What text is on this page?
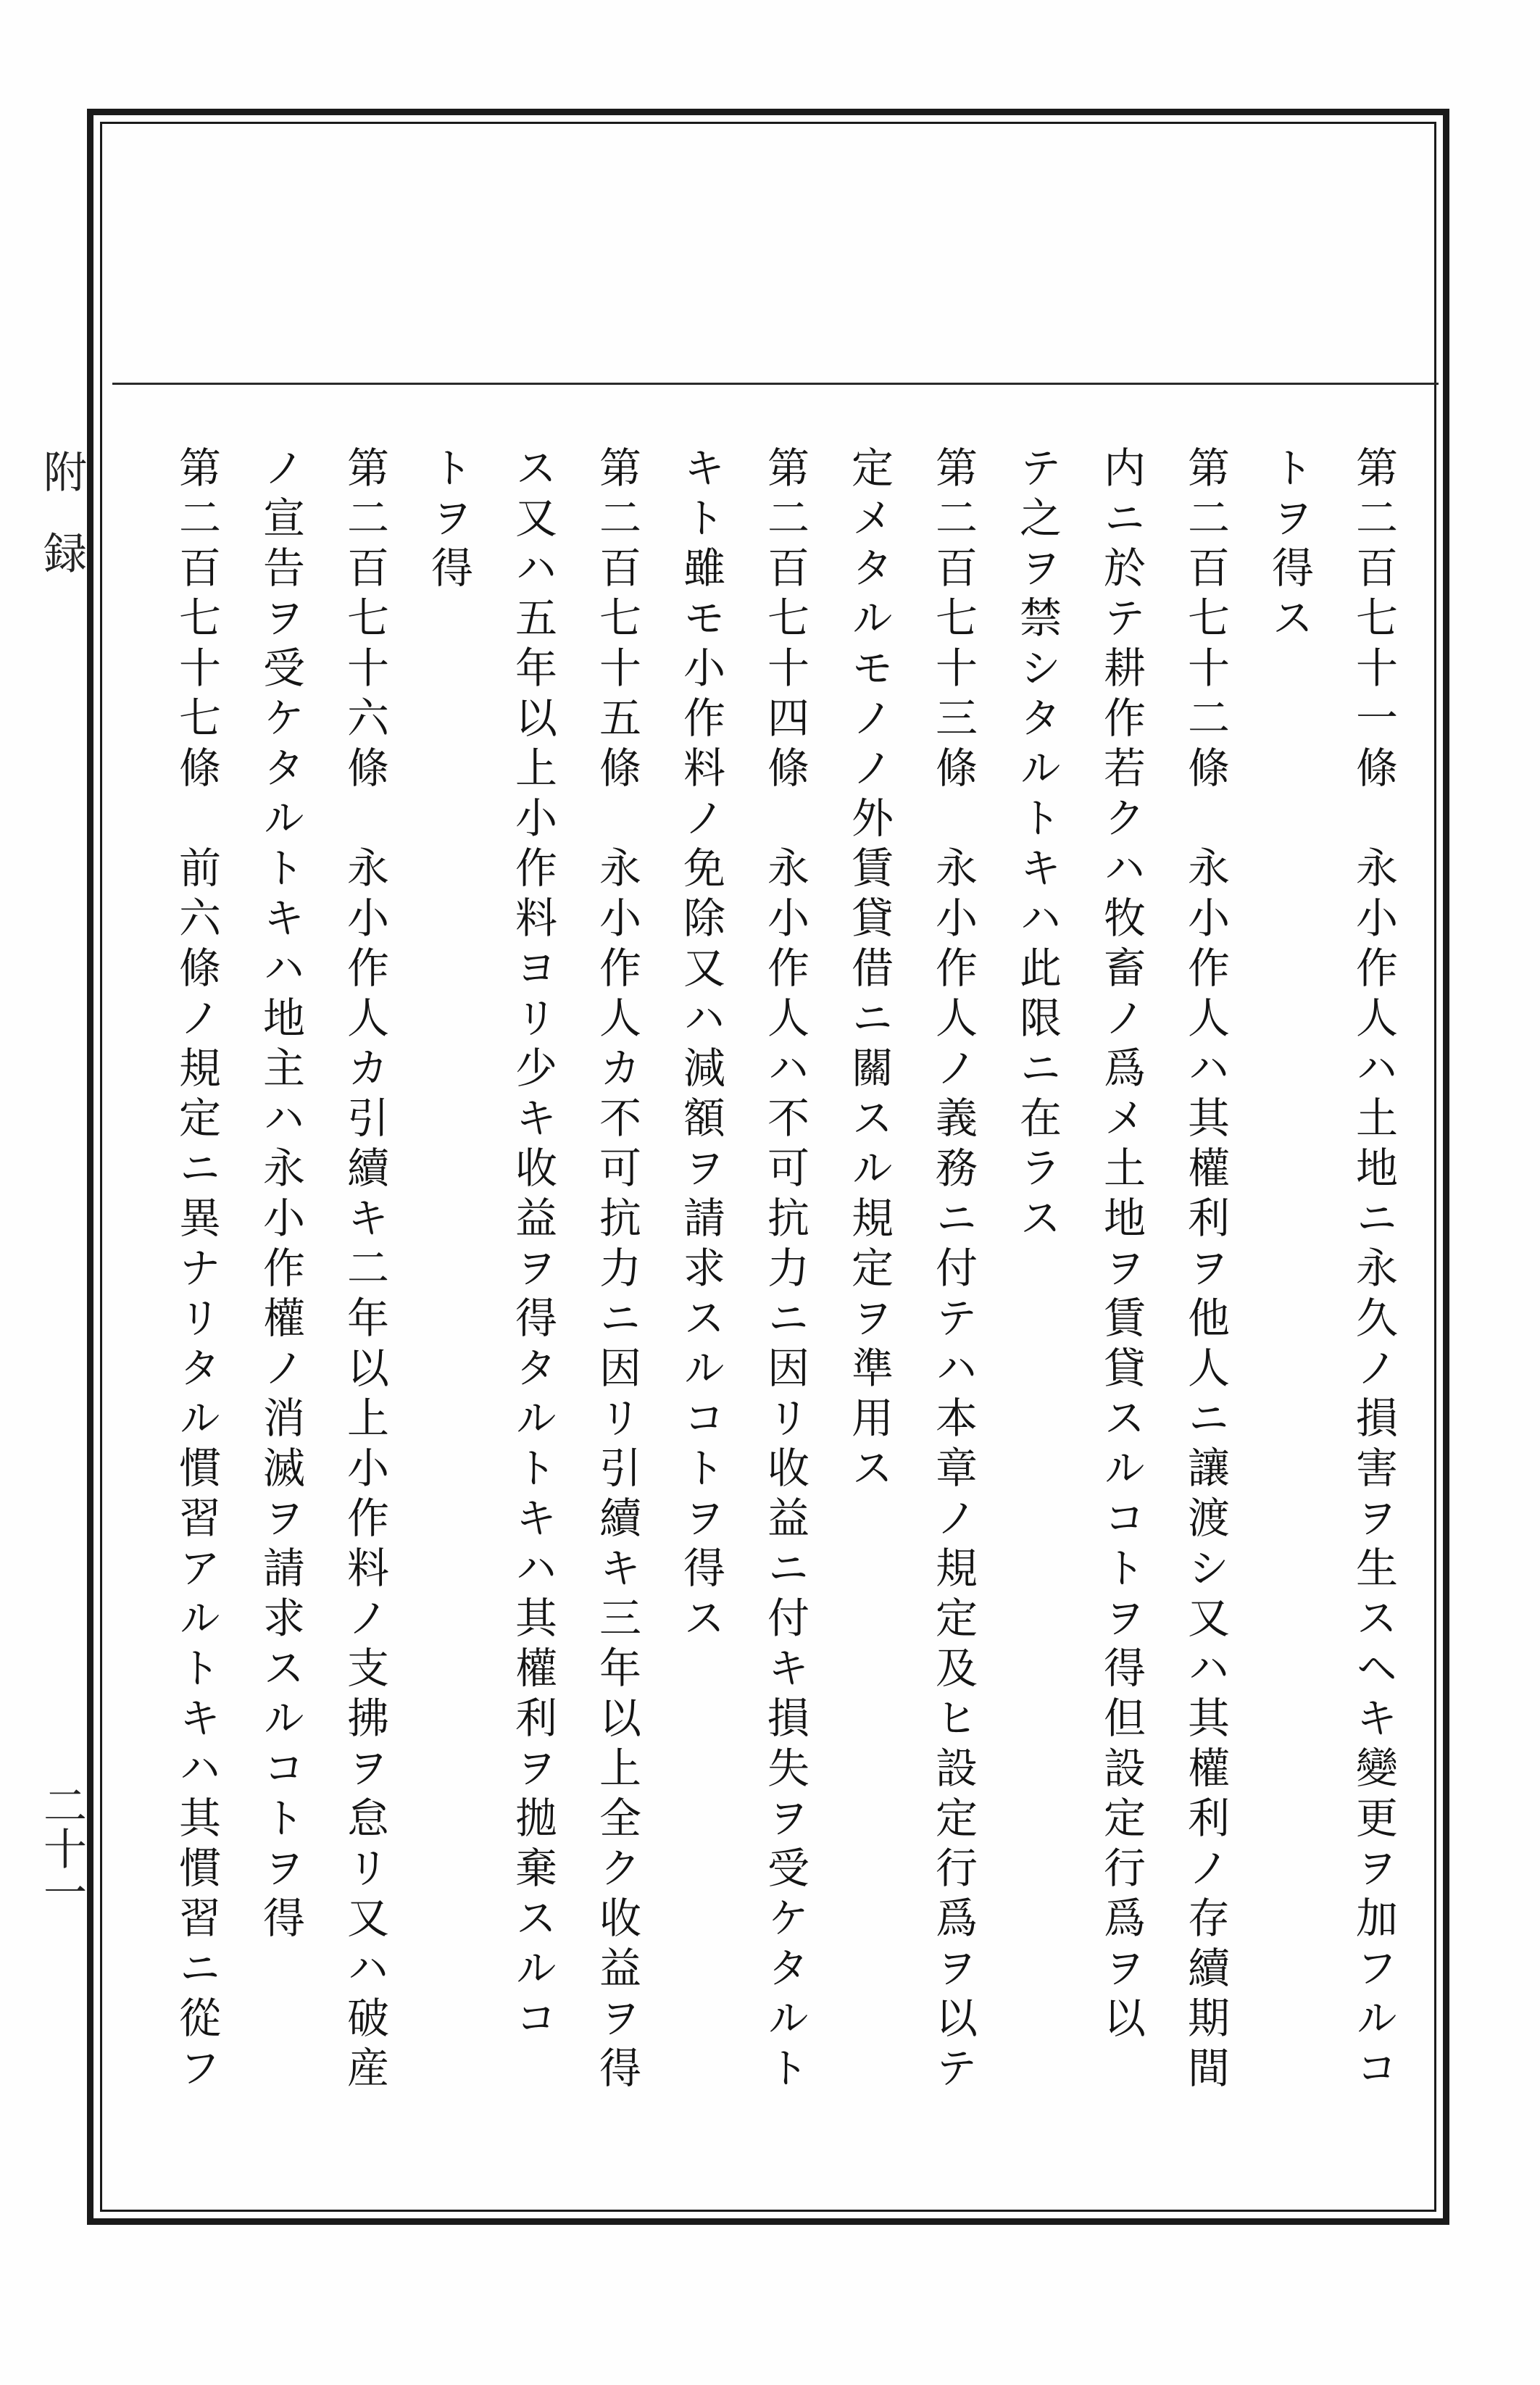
附録
二十一	第二百七十一條　永小作人ハ土地ニ永久ノ損害ヲ生スヘキ變更ヲ加フルコ
トヲ得ス
第二百七十二條　永小作人ハ其權利ヲ他人ニ讓渡シ又ハ其權利ノ存續期間
内ニ於テ耕作若クハ牧畜ノ爲メ土地ヲ賃貸スルコトヲ得但設定行爲ヲ以
テ之ヲ禁シタルトキハ此限ニ在ラス
第二百七十三條　永小作人ノ義務ニ付テハ本章ノ規定及ヒ設定行爲ヲ以テ
定メタルモノノ外賃貸借ニ關スル規定ヲ準用ス
第二百七十四條　永小作人ハ不可抗力ニ因リ收益ニ付キ損失ヲ受ケタルト
キト雖モ小作料ノ免除又ハ減額ヲ請求スルコトヲ得ス
第二百七十五條　永小作人カ不可抗力ニ因リ引續キ三年以上全ク收益ヲ得
ス又ハ五年以上小作料ヨリ少キ收益ヲ得タルトキハ其權利ヲ拋棄スルコ
トヲ得
第二百七十六條　永小作人カ引續キ二年以上小作料ノ支拂ヲ怠リ又ハ破産
ノ宣告ヲ受ケタルトキハ地主ハ永小作權ノ消滅ヲ請求スルコトヲ得
第二百七十七條　前六條ノ規定ニ異ナリタル慣習アルトキハ其慣習ニ從フ
